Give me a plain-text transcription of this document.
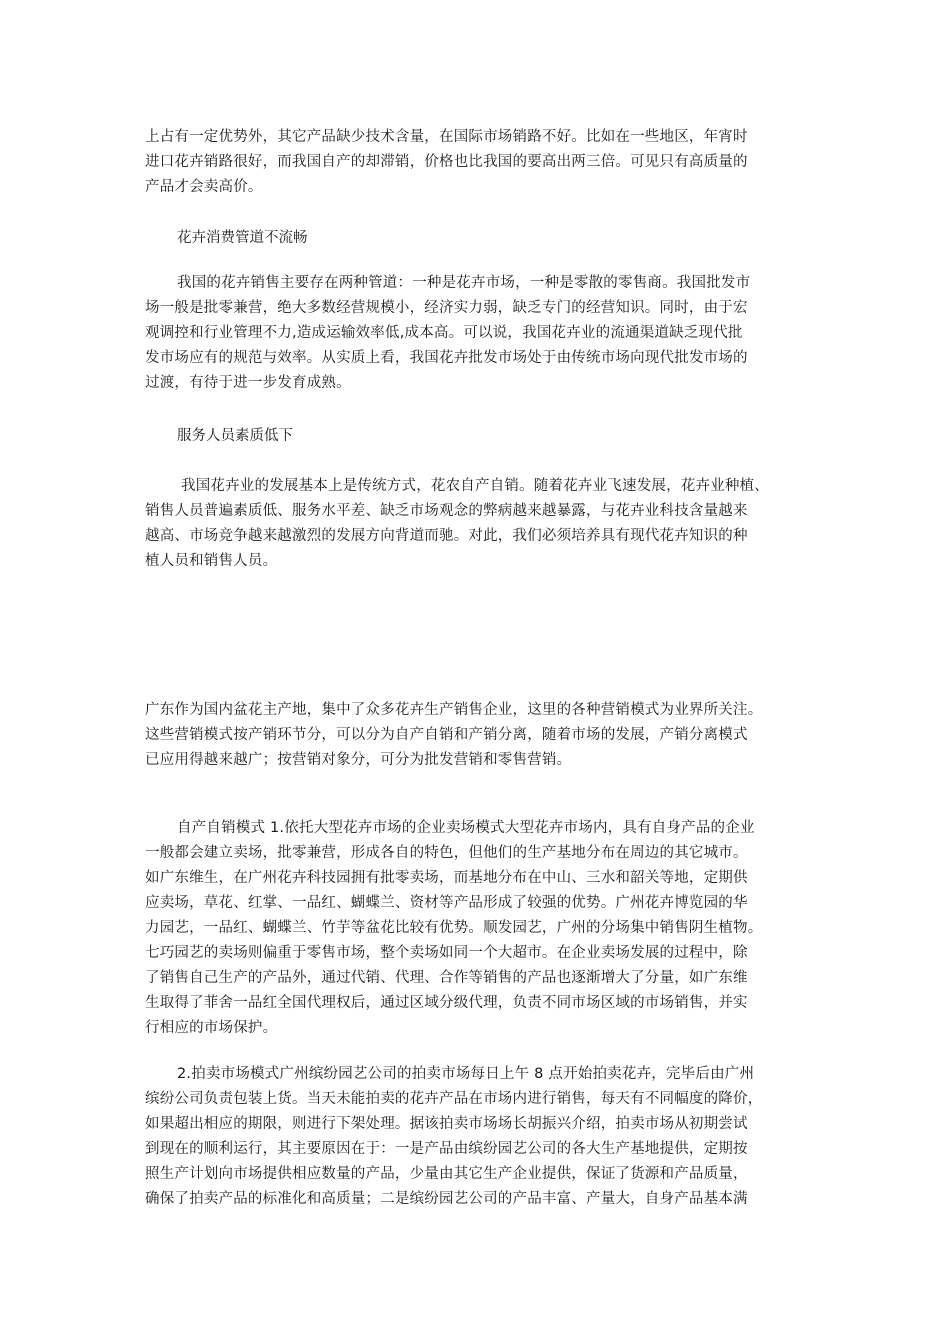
上占有一定优势外，其它产品缺少技术含量，在国际市场销路不好。比如在一些地区，年宵时
进口花卉销路很好，而我国自产的却滞销，价格也比我国的要高出两三倍。可见只有高质量的
产品才会卖高价。
花卉消费管道不流畅
我国的花卉销售主要存在两种管道：一种是花卉市场，一种是零散的零售商。我国批发市
场一般是批零兼营，绝大多数经营规模小，经济实力弱，缺乏专门的经营知识。同时，由于宏
观调控和行业管理不力,造成运输效率低,成本高。可以说，我国花卉业的流通渠道缺乏现代批
发市场应有的规范与效率。从实质上看，我国花卉批发市场处于由传统市场向现代批发市场的
过渡，有待于进一步发育成熟。
服务人员素质低下
我国花卉业的发展基本上是传统方式，花农自产自销。随着花卉业飞速发展，花卉业种植、
销售人员普遍素质低、服务水平差、缺乏市场观念的弊病越来越暴露，与花卉业科技含量越来
越高、市场竞争越来越激烈的发展方向背道而驰。对此，我们必须培养具有现代花卉知识的种
植人员和销售人员。
广东作为国内盆花主产地，集中了众多花卉生产销售企业，这里的各种营销模式为业界所关注。
这些营销模式按产销环节分，可以分为自产自销和产销分离，随着市场的发展，产销分离模式
已应用得越来越广；按营销对象分，可分为批发营销和零售营销。
自产自销模式 1.依托大型花卉市场的企业卖场模式大型花卉市场内，具有自身产品的企业
一般都会建立卖场，批零兼营，形成各自的特色，但他们的生产基地分布在周边的其它城市。
如广东维生，在广州花卉科技园拥有批零卖场，而基地分布在中山、三水和韶关等地，定期供
应卖场，草花、红掌、一品红、蝴蝶兰、资材等产品形成了较强的优势。广州花卉博览园的华
力园艺，一品红、蝴蝶兰、竹芋等盆花比较有优势。顺发园艺，广州的分场集中销售阴生植物。
七巧园艺的卖场则偏重于零售市场，整个卖场如同一个大超市。在企业卖场发展的过程中，除
了销售自己生产的产品外，通过代销、代理、合作等销售的产品也逐渐增大了分量，如广东维
生取得了菲舍一品红全国代理权后，通过区域分级代理，负责不同市场区域的市场销售，并实
行相应的市场保护。
2.拍卖市场模式广州缤纷园艺公司的拍卖市场每日上午 8 点开始拍卖花卉，完毕后由广州
缤纷公司负责包装上货。当天未能拍卖的花卉产品在市场内进行销售，每天有不同幅度的降价，
如果超出相应的期限，则进行下架处理。据该拍卖市场场长胡振兴介绍，拍卖市场从初期尝试
到现在的顺利运行，其主要原因在于：一是产品由缤纷园艺公司的各大生产基地提供，定期按
照生产计划向市场提供相应数量的产品，少量由其它生产企业提供，保证了货源和产品质量，
确保了拍卖产品的标准化和高质量；二是缤纷园艺公司的产品丰富、产量大，自身产品基本满
